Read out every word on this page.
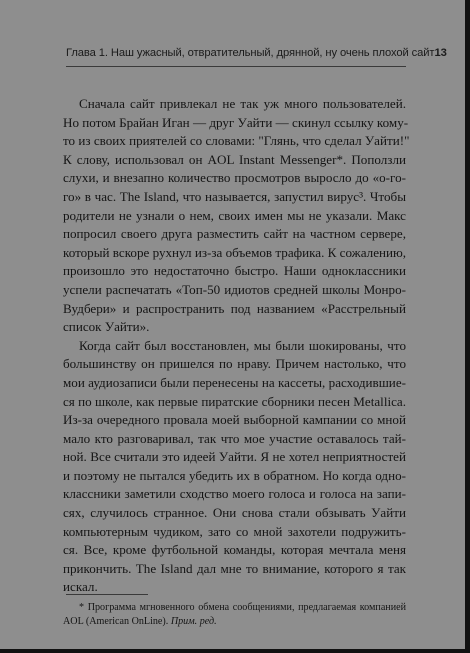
Глава 1. Наш ужасный, отвратительный, дрянной, ну очень плохой сайт 13
Сначала сайт привлекал не так уж много пользователей.
Но потом Брайан Иган — друг Уайти — скинул ссылку кому-
то из своих приятелей со словами: "Глянь, что сделал Уайти!"
К слову, использовал он AOL Instant Messenger*. Поползли
слухи, и внезапно количество просмотров выросло до «о-го-
го» в час. The Island, что называется, запустил вирус³. Чтобы
родители не узнали о нем, своих имен мы не указали. Макс
попросил своего друга разместить сайт на частном сервере,
который вскоре рухнул из-за объемов трафика. К сожалению,
произошло это недостаточно быстро. Наши одноклассники
успели распечатать «Топ-50 идиотов средней школы Монро-
Вудбери» и распространить под названием «Расстрельный
список Уайти».
Когда сайт был восстановлен, мы были шокированы, что
большинству он пришелся по нраву. Причем настолько, что
мои аудиозаписи были перенесены на кассеты, расходившие-
ся по школе, как первые пиратские сборники песен Metallica.
Из-за очередного провала моей выборной кампании со мной
мало кто разговаривал, так что мое участие оставалось тай-
ной. Все считали это идеей Уайти. Я не хотел неприятностей
и поэтому не пытался убедить их в обратном. Но когда одно-
классники заметили сходство моего голоса и голоса на запи-
сях, случилось странное. Они снова стали обзывать Уайти
компьютерным чудиком, зато со мной захотели подружить-
ся. Все, кроме футбольной команды, которая мечтала меня
прикончить. The Island дал мне то внимание, которого я так
искал.
* Программа мгновенного обмена сообщениями, предлагаемая компанией
AOL (American OnLine). Прим. ред.
